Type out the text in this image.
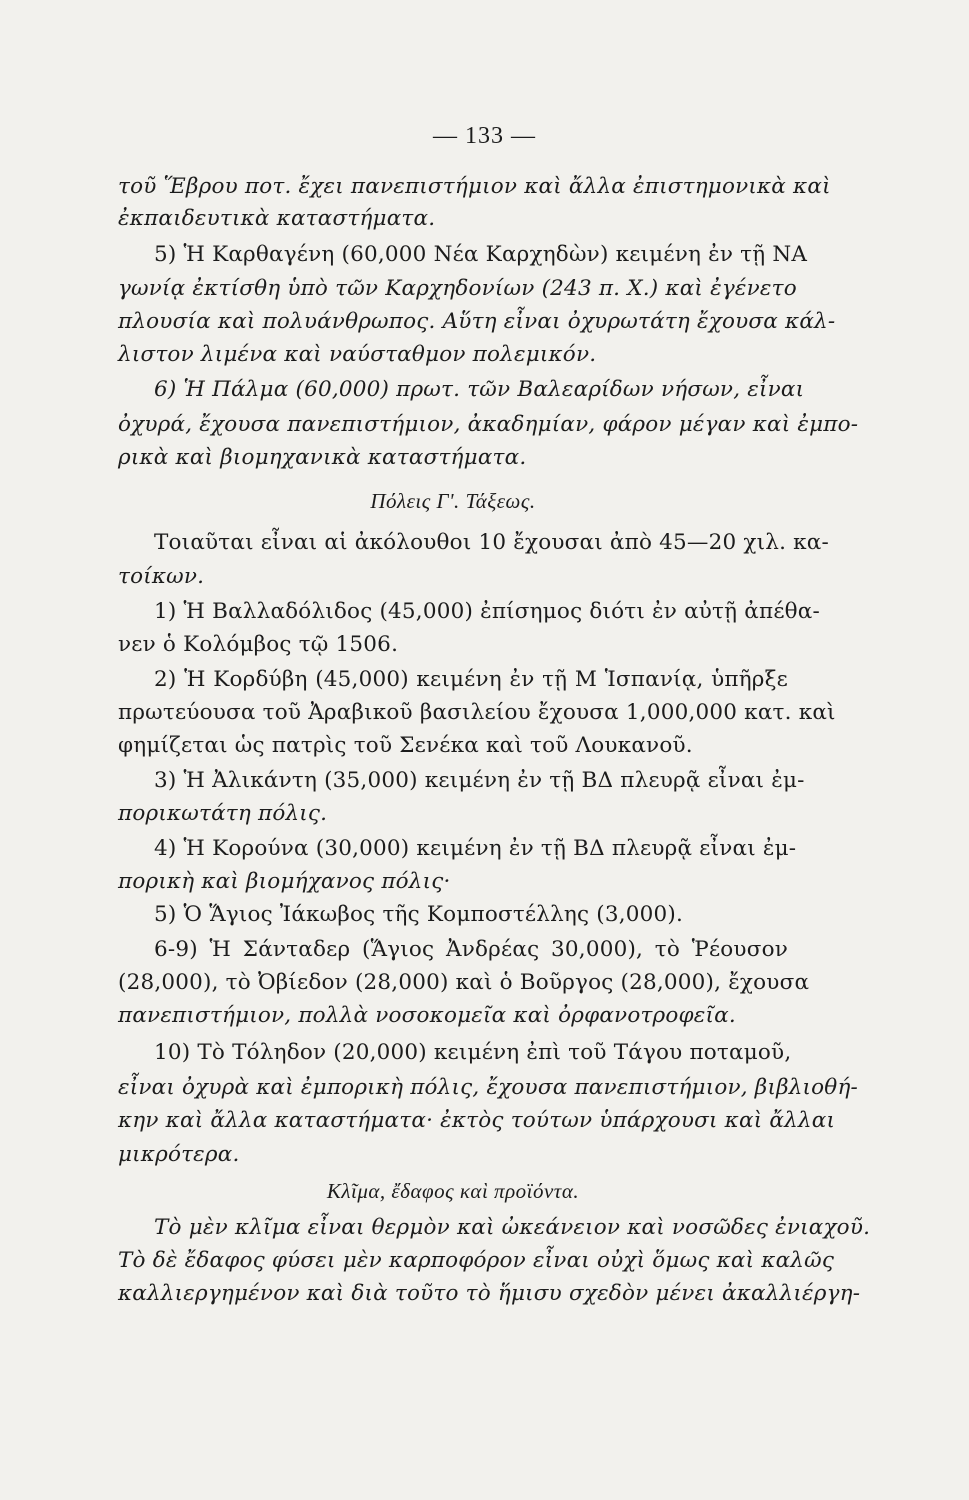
— 133 —
τοῦ Ἕβρου ποτ. ἔχει πανεπιστήμιον καὶ ἄλλα ἐπιστημονικὰ καὶ
ἐκπαιδευτικὰ καταστήματα.
5) Ἡ Καρθαγένη (60,000 Νέα Καρχηδὼν) κειμένη ἐν τῇ ΝΑ
γωνίᾳ ἐκτίσθη ὑπὸ τῶν Καρχηδονίων (243 π. Χ.) καὶ ἐγένετο
πλουσία καὶ πολυάνθρωπος. Αὕτη εἶναι ὀχυρωτάτη ἔχουσα κάλ-
λιστον λιμένα καὶ ναύσταθμον πολεμικόν.
6) Ἡ Πάλμα (60,000) πρωτ. τῶν Βαλεαρίδων νήσων, εἶναι
ὀχυρά, ἔχουσα πανεπιστήμιον, ἀκαδημίαν, φάρον μέγαν καὶ ἐμπο-
ρικὰ καὶ βιομηχανικὰ καταστήματα.
Πόλεις Γ'. Τάξεως.
Τοιαῦται εἶναι αἱ ἀκόλουθοι 10 ἔχουσαι ἀπὸ 45—20 χιλ. κα-
τοίκων.
1) Ἡ Βαλλαδόλιδος (45,000) ἐπίσημος διότι ἐν αὐτῇ ἀπέθα-
νεν ὁ Κολόμβος τῷ 1506.
2) Ἡ Κορδύβη (45,000) κειμένη ἐν τῇ Μ Ἱσπανίᾳ, ὑπῆρξε
πρωτεύουσα τοῦ Ἀραβικοῦ βασιλείου ἔχουσα 1,000,000 κατ. καὶ
φημίζεται ὡς πατρὶς τοῦ Σενέκα καὶ τοῦ Λουκανοῦ.
3) Ἡ Ἀλικάντη (35,000) κειμένη ἐν τῇ ΒΔ πλευρᾷ εἶναι ἐμ-
πορικωτάτη πόλις.
4) Ἡ Κορούνα (30,000) κειμένη ἐν τῇ ΒΔ πλευρᾷ εἶναι ἐμ-
πορικὴ καὶ βιομήχανος πόλις·
5) Ὁ Ἅγιος Ἰάκωβος τῆς Κομποστέλλης (3,000).
6-9) Ἡ Σάνταδερ (Ἅγιος Ἀνδρέας 30,000), τὸ Ῥέουσον
(28,000), τὸ Ὀβίεδον (28,000) καὶ ὁ Βοῦργος (28,000), ἔχουσα
πανεπιστήμιον, πολλὰ νοσοκομεῖα καὶ ὀρφανοτροφεῖα.
10) Τὸ Τόληδον (20,000) κειμένη ἐπὶ τοῦ Τάγου ποταμοῦ,
εἶναι ὀχυρὰ καὶ ἐμπορικὴ πόλις, ἔχουσα πανεπιστήμιον, βιβλιοθή-
κην καὶ ἄλλα καταστήματα· ἐκτὸς τούτων ὑπάρχουσι καὶ ἄλλαι
μικρότερα.
Κλῖμα, ἔδαφος καὶ προϊόντα.
Τὸ μὲν κλῖμα εἶναι θερμὸν καὶ ὠκεάνειον καὶ νοσῶδες ἐνιαχοῦ.
Τὸ δὲ ἔδαφος φύσει μὲν καρποφόρον εἶναι οὐχὶ ὅμως καὶ καλῶς
καλλιεργημένον καὶ διὰ τοῦτο τὸ ἥμισυ σχεδὸν μένει ἀκαλλιέργη-
